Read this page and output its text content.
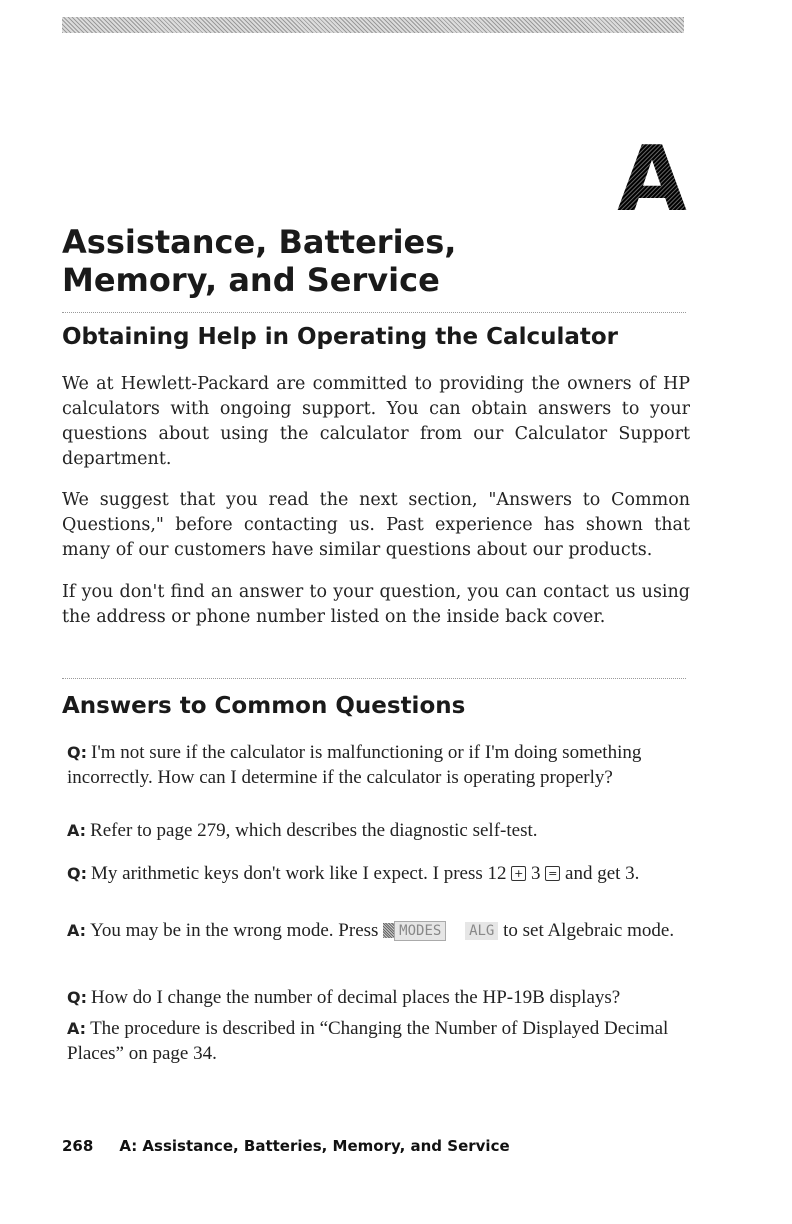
A
Assistance, Batteries,
Memory, and Service
Obtaining Help in Operating the Calculator

We at Hewlett-Packard are committed to providing the owners of HP calculators with ongoing support. You can obtain answers to your questions about using the calculator from our Calculator Support department.

We suggest that you read the next section, "Answers to Common Questions," before contacting us. Past experience has shown that many of our customers have similar questions about our products.

If you don't find an answer to your question, you can contact us using the address or phone number listed on the inside back cover.

Answers to Common Questions

Q: I'm not sure if the calculator is malfunctioning or if I'm doing something incorrectly. How can I determine if the calculator is operating properly?

A: Refer to page 279, which describes the diagnostic self-test.

Q: My arithmetic keys don't work like I expect. I press 12 + 3 = and get 3.

A: You may be in the wrong mode. Press MODES ALG to set Algebraic mode.

Q: How do I change the number of decimal places the HP-19B displays?

A: The procedure is described in “Changing the Number of Displayed Decimal Places” on page 34.

268 A: Assistance, Batteries, Memory, and Service
